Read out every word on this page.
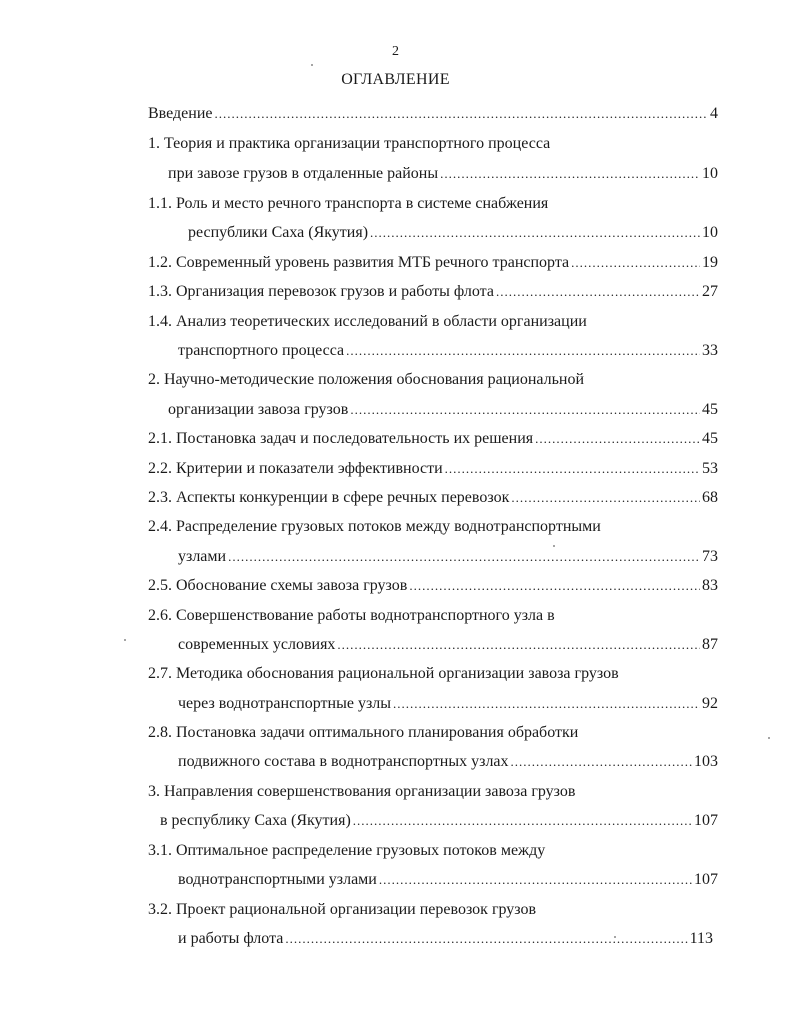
2
ОГЛАВЛЕНИЕ
Введение .....	4
1. Теория и практика организации транспортного процесса
при завозе грузов в отдаленные районы .....	10
1.1. Роль и место речного транспорта в системе снабжения
республики Саха (Якутия) .....	10
1.2. Современный уровень развития МТБ речного транспорта .....	19
1.3. Организация перевозок грузов и работы флота .....	27
1.4. Анализ теоретических исследований в области организации
транспортного процесса .....	33
2. Научно-методические положения обоснования рациональной
организации завоза грузов .....	45
2.1. Постановка задач и последовательность их решения .....	45
2.2. Критерии и показатели эффективности .....	53
2.3. Аспекты конкуренции в сфере речных перевозок .....	68
2.4. Распределение грузовых потоков между воднотранспортными
узлами .....	73
2.5. Обоснование схемы завоза грузов .....	83
2.6. Совершенствование работы воднотранспортного узла в
современных условиях .....	87
2.7. Методика обоснования рациональной организации завоза грузов
через воднотранспортные узлы .....	92
2.8. Постановка задачи оптимального планирования обработки
подвижного состава в воднотранспортных узлах .....	103
3. Направления совершенствования организации завоза грузов
в республику Саха (Якутия) .....	107
3.1. Оптимальное распределение грузовых потоков между
воднотранспортными узлами .....	107
3.2. Проект рациональной организации перевозок грузов
и работы флота .....	113
